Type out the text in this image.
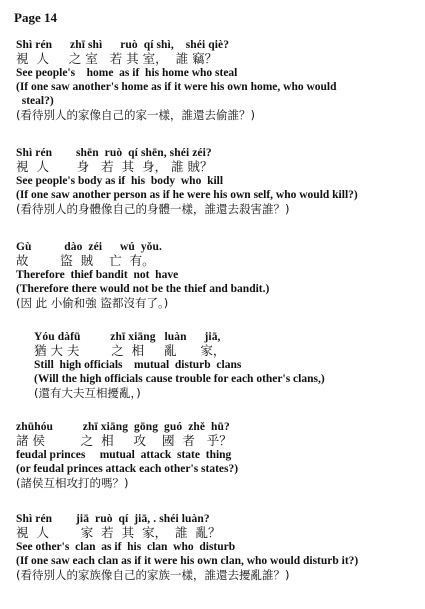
Page 14
Shì rén      zhī shì      ruò  qí shì,    shéi qiè?
視  人     之 室   若 其 室，  誰 竊？
See people's    home  as if  his home who steal
(If one saw another's home as if it were his own home, who would
steal?)
(看待別人的家像自己的家一樣，誰還去偷誰？)
Shì rén        shēn  ruò  qí shēn, shéi zéi?
視  人       身   若  其  身， 誰 賊？
See people's body as if  his  body  who  kill
(If one saw another person as if he were his own self, who would kill?)
(看待別人的身體像自己的身體一樣，誰還去殺害誰？)
Gù           dào  zéi      wú  yǒu.
故        盜  賊    亡  有。
Therefore  thief bandit  not  have
(Therefore there would not be the thief and bandit.)
(因 此 小偷和強 盜都沒有了。)
Yóu dàfū          zhī xiāng   luàn      jiā,
猶 大 夫        之  相     亂      家，
Still  high officials    mutual  disturb  clans
(Will the high officials cause trouble for each other's clans,)
(還有大夫互相擾亂，)
zhūhóu          zhī xiāng  gōng  guó  zhě  hū?
諸 侯         之  相     攻    國  者   乎？
feudal princes     mutual  attack  state  thing
(or feudal princes attack each other's states?)
(諸侯互相攻打的嗎？)
Shì rén        jiā  ruò  qí  jiā, . shéi luàn?
視  人        家  若  其  家，  誰  亂？
See other's  clan  as if  his  clan  who  disturb
(If one saw each clan as if it were his own clan, who would disturb it?)
(看待別人的家族像自己的家族一樣，誰還去擾亂誰？)
